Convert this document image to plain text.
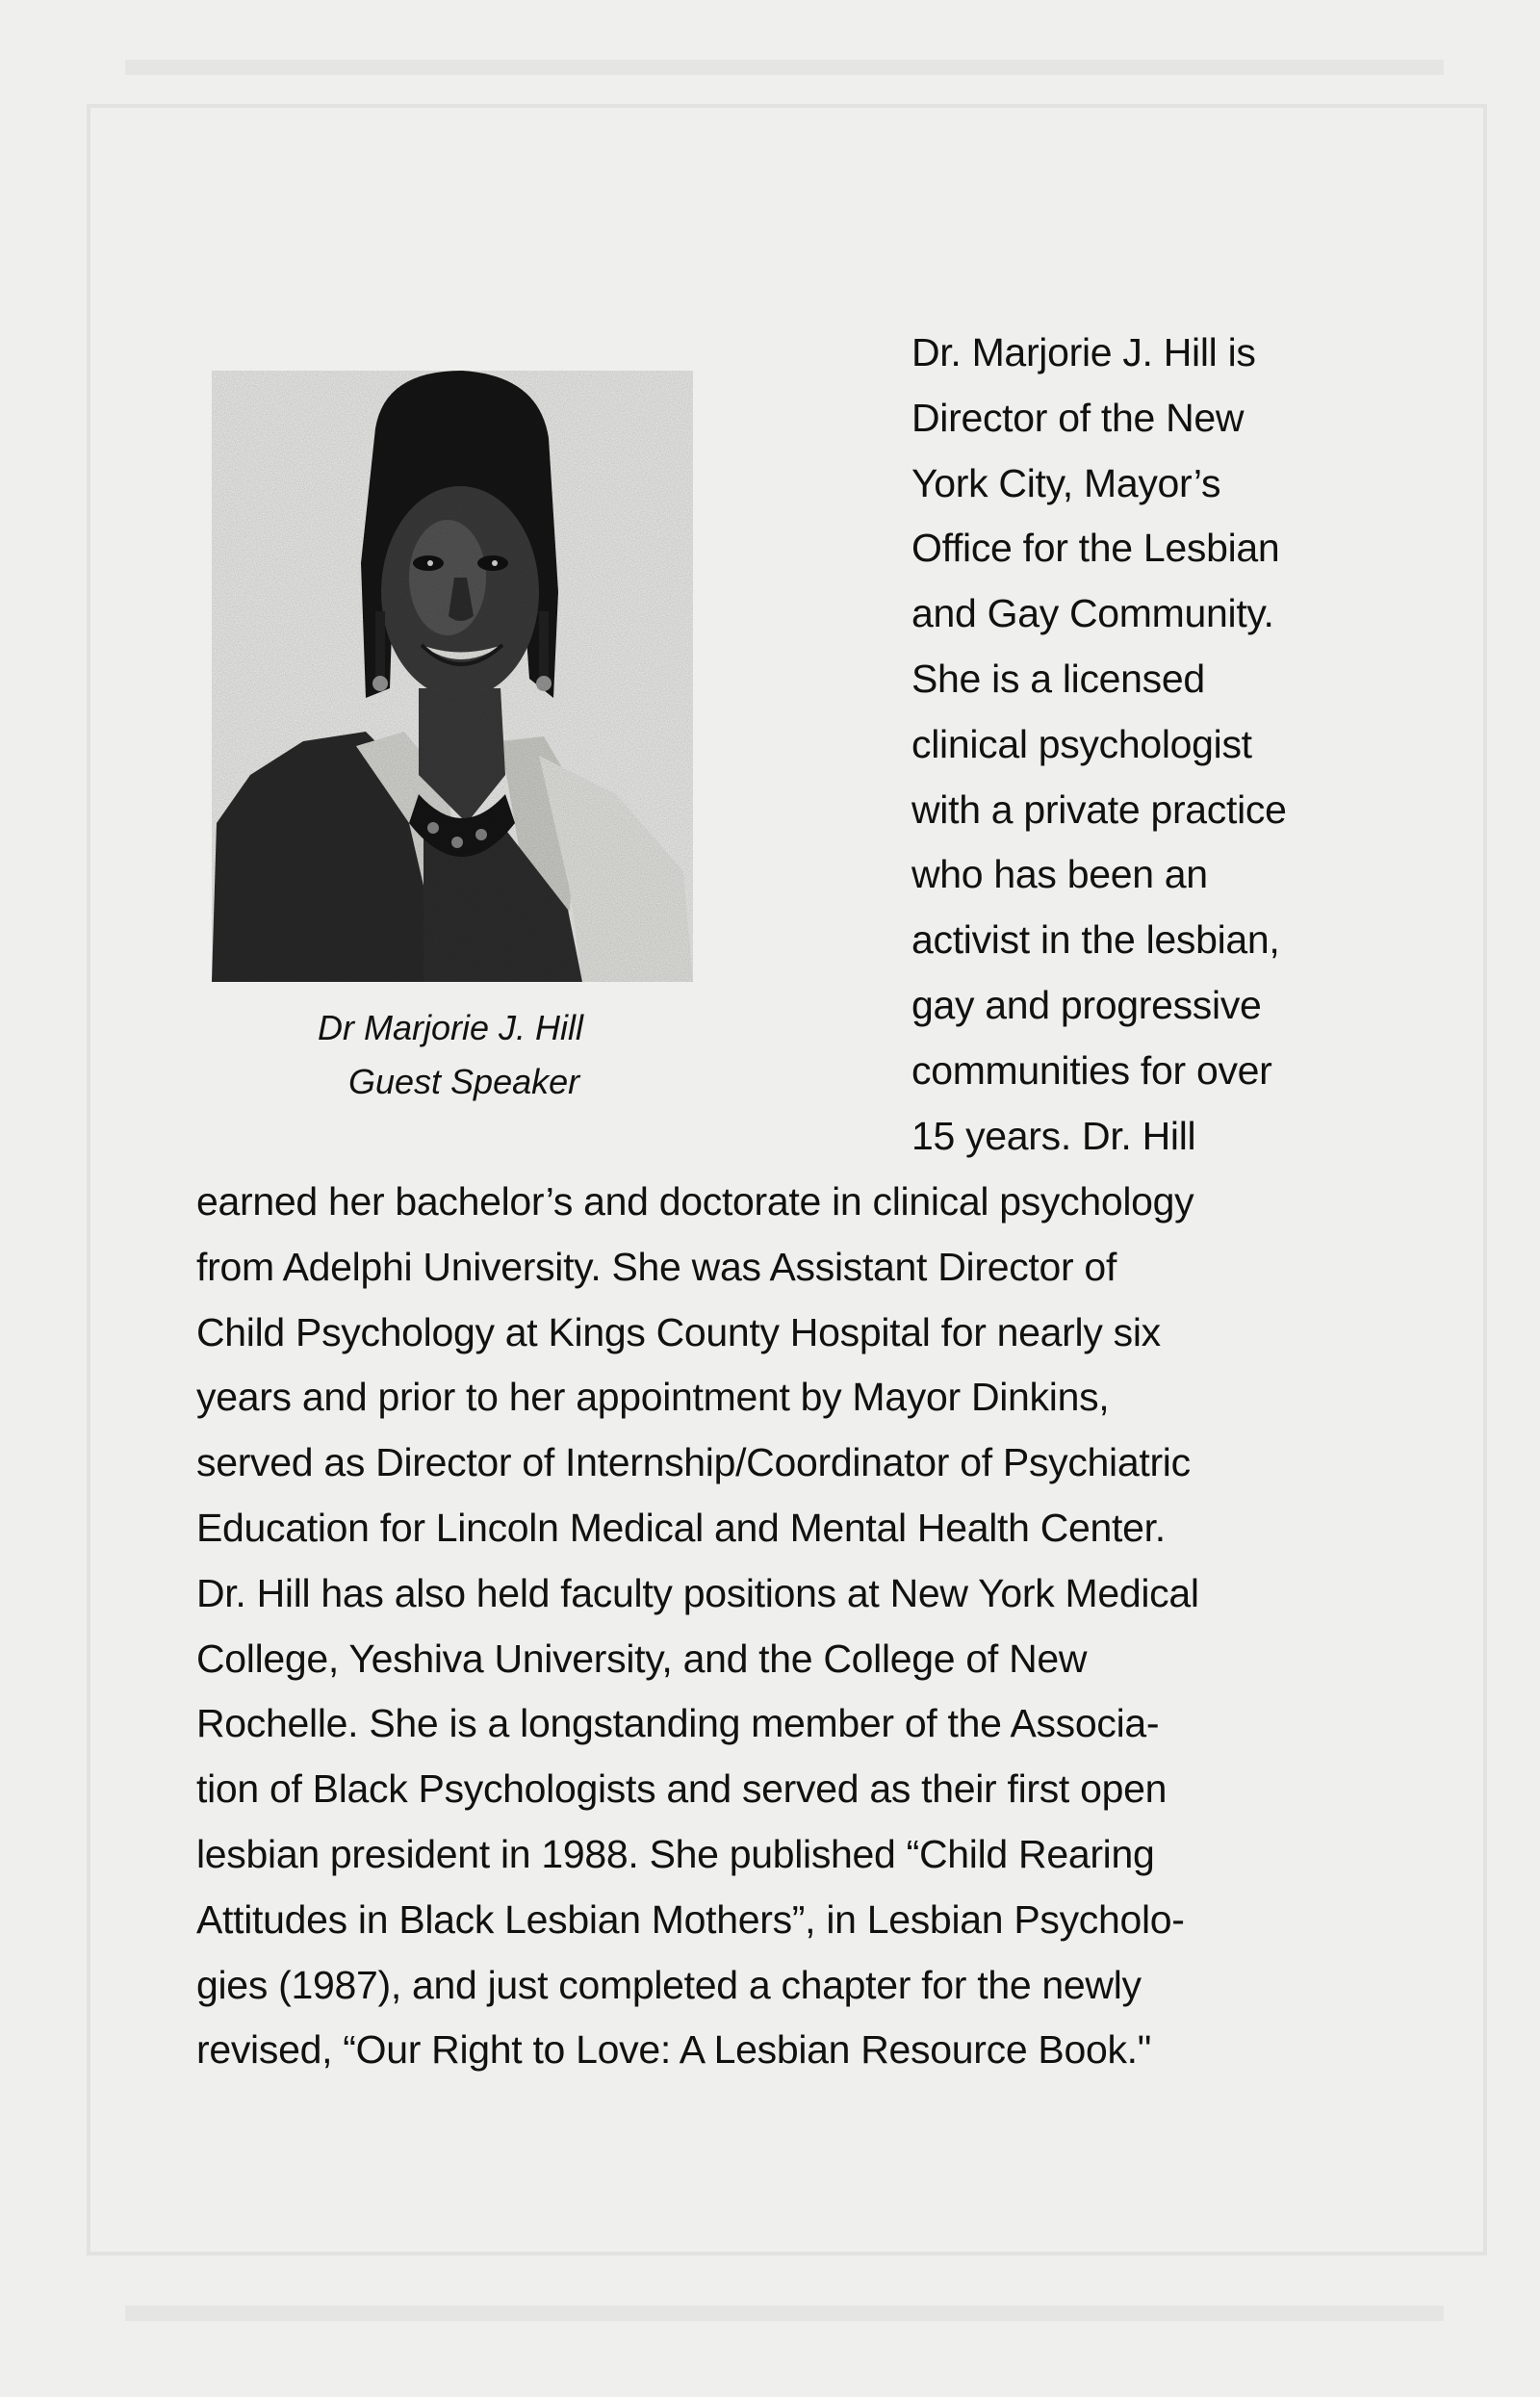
Dr Marjorie J. Hill
Guest Speaker
Dr. Marjorie J. Hill is
Director of the New
York City, Mayor’s
Office for the Lesbian
and Gay Community.
She is a licensed
clinical psychologist
with a private practice
who has been an
activist in the lesbian,
gay and progressive
communities for over
15 years. Dr. Hill
earned her bachelor’s and doctorate in clinical psychology
from Adelphi University. She was Assistant Director of
Child Psychology at Kings County Hospital for nearly six
years and prior to her appointment by Mayor Dinkins,
served as Director of Internship/Coordinator of Psychiatric
Education for Lincoln Medical and Mental Health Center.
Dr. Hill has also held faculty positions at New York Medical
College, Yeshiva University, and the College of New
Rochelle. She is a longstanding member of the Associa-
tion of Black Psychologists and served as their first open
lesbian president in 1988. She published “Child Rearing
Attitudes in Black Lesbian Mothers”, in Lesbian Psycholo-
gies (1987), and just completed a chapter for the newly
revised, “Our Right to Love: A Lesbian Resource Book."
